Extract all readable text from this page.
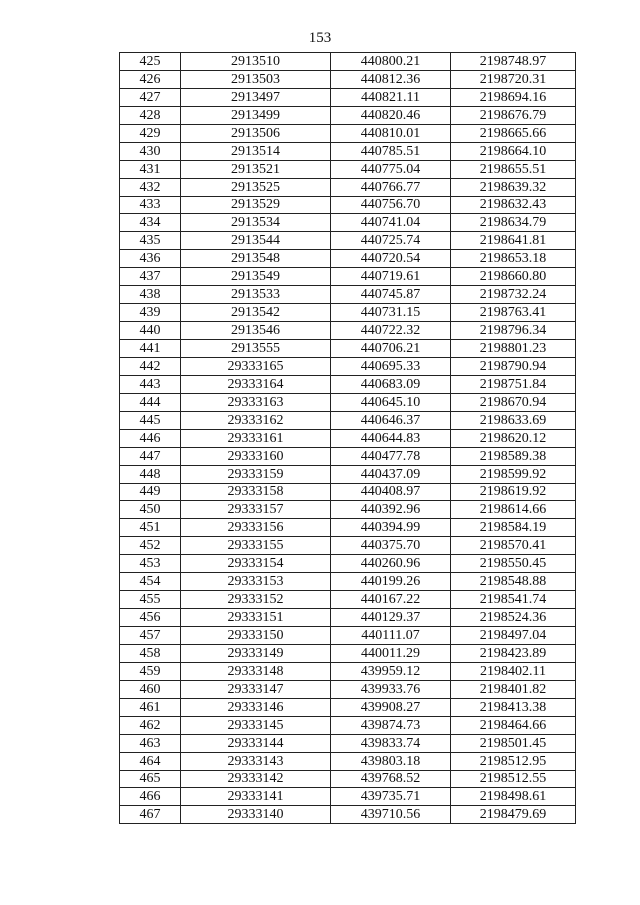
153
425	2913510	440800.21	2198748.97
426	2913503	440812.36	2198720.31
427	2913497	440821.11	2198694.16
428	2913499	440820.46	2198676.79
429	2913506	440810.01	2198665.66
430	2913514	440785.51	2198664.10
431	2913521	440775.04	2198655.51
432	2913525	440766.77	2198639.32
433	2913529	440756.70	2198632.43
434	2913534	440741.04	2198634.79
435	2913544	440725.74	2198641.81
436	2913548	440720.54	2198653.18
437	2913549	440719.61	2198660.80
438	2913533	440745.87	2198732.24
439	2913542	440731.15	2198763.41
440	2913546	440722.32	2198796.34
441	2913555	440706.21	2198801.23
442	29333165	440695.33	2198790.94
443	29333164	440683.09	2198751.84
444	29333163	440645.10	2198670.94
445	29333162	440646.37	2198633.69
446	29333161	440644.83	2198620.12
447	29333160	440477.78	2198589.38
448	29333159	440437.09	2198599.92
449	29333158	440408.97	2198619.92
450	29333157	440392.96	2198614.66
451	29333156	440394.99	2198584.19
452	29333155	440375.70	2198570.41
453	29333154	440260.96	2198550.45
454	29333153	440199.26	2198548.88
455	29333152	440167.22	2198541.74
456	29333151	440129.37	2198524.36
457	29333150	440111.07	2198497.04
458	29333149	440011.29	2198423.89
459	29333148	439959.12	2198402.11
460	29333147	439933.76	2198401.82
461	29333146	439908.27	2198413.38
462	29333145	439874.73	2198464.66
463	29333144	439833.74	2198501.45
464	29333143	439803.18	2198512.95
465	29333142	439768.52	2198512.55
466	29333141	439735.71	2198498.61
467	29333140	439710.56	2198479.69
